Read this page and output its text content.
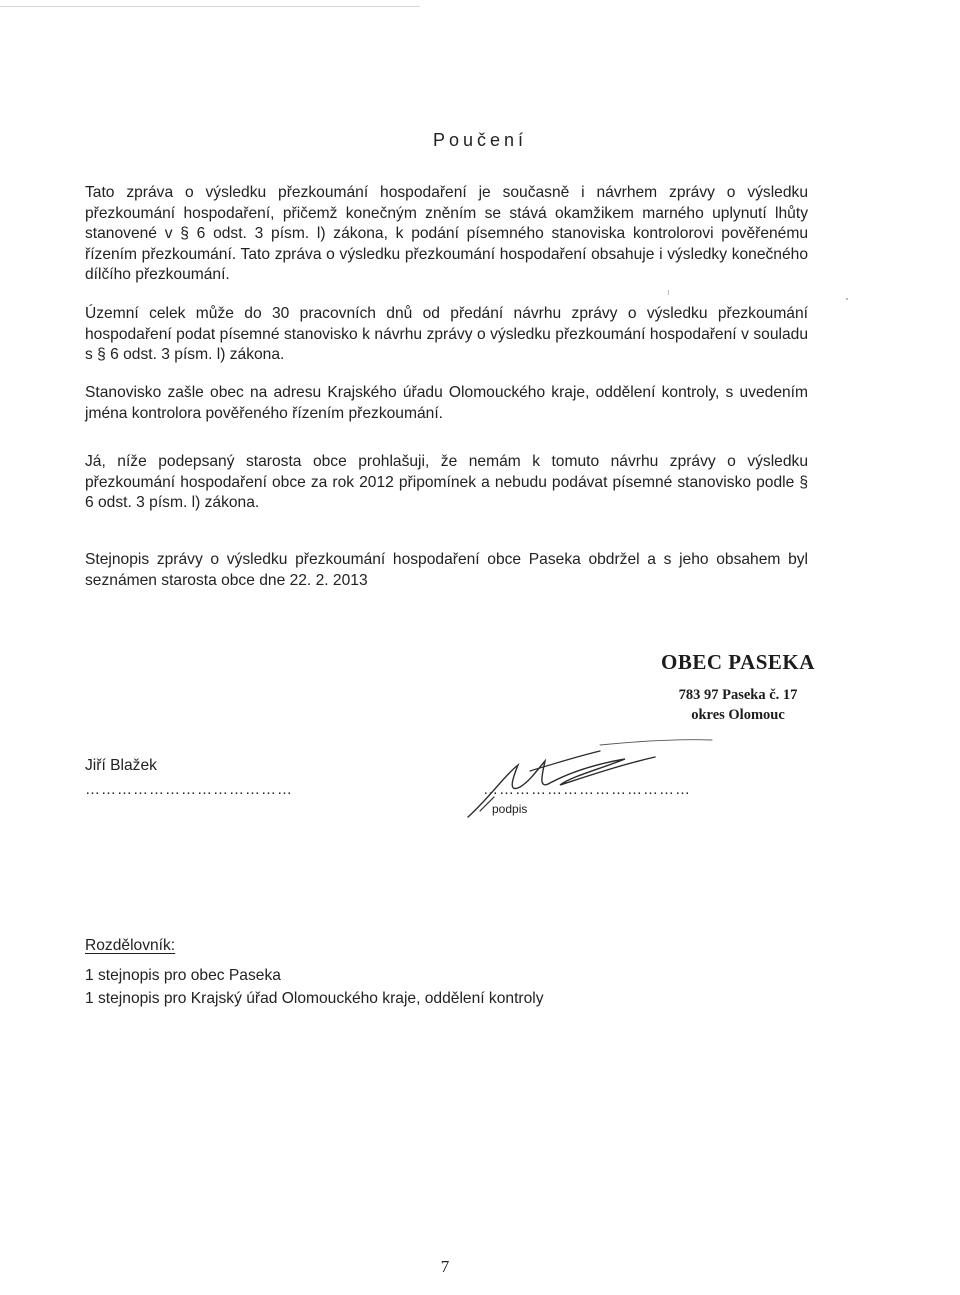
Poučení

Tato zpráva o výsledku přezkoumání hospodaření je současně i návrhem zprávy o výsledku přezkoumání hospodaření, přičemž konečným zněním se stává okamžikem marného uplynutí lhůty stanovené v § 6 odst. 3 písm. l) zákona, k podání písemného stanoviska kontrolorovi pověřenému řízením přezkoumání. Tato zpráva o výsledku přezkoumání hospodaření obsahuje i výsledky konečného dílčího přezkoumání.

Územní celek může do 30 pracovních dnů od předání návrhu zprávy o výsledku přezkoumání hospodaření podat písemné stanovisko k návrhu zprávy o výsledku přezkoumání hospodaření v souladu s § 6 odst. 3 písm. l) zákona.

Stanovisko zašle obec na adresu Krajského úřadu Olomouckého kraje, oddělení kontroly, s uvedením jména kontrolora pověřeného řízením přezkoumání.

Já, níže podepsaný starosta obce prohlašuji, že nemám k tomuto návrhu zprávy o výsledku přezkoumání hospodaření obce za rok 2012 připomínek a nebudu podávat písemné stanovisko podle § 6 odst. 3 písm. l) zákona.

Stejnopis zprávy o výsledku přezkoumání hospodaření obce Paseka obdržel a s jeho obsahem byl seznámen starosta obce dne 22. 2. 2013

OBEC PASEKA
783 97 Paseka č. 17
okres Olomouc
Jiří Blažek
…………………………………	…………………………………
podpis
Rozdělovník:
1 stejnopis pro obec Paseka
1 stejnopis pro Krajský úřad Olomouckého kraje, oddělení kontroly
7
